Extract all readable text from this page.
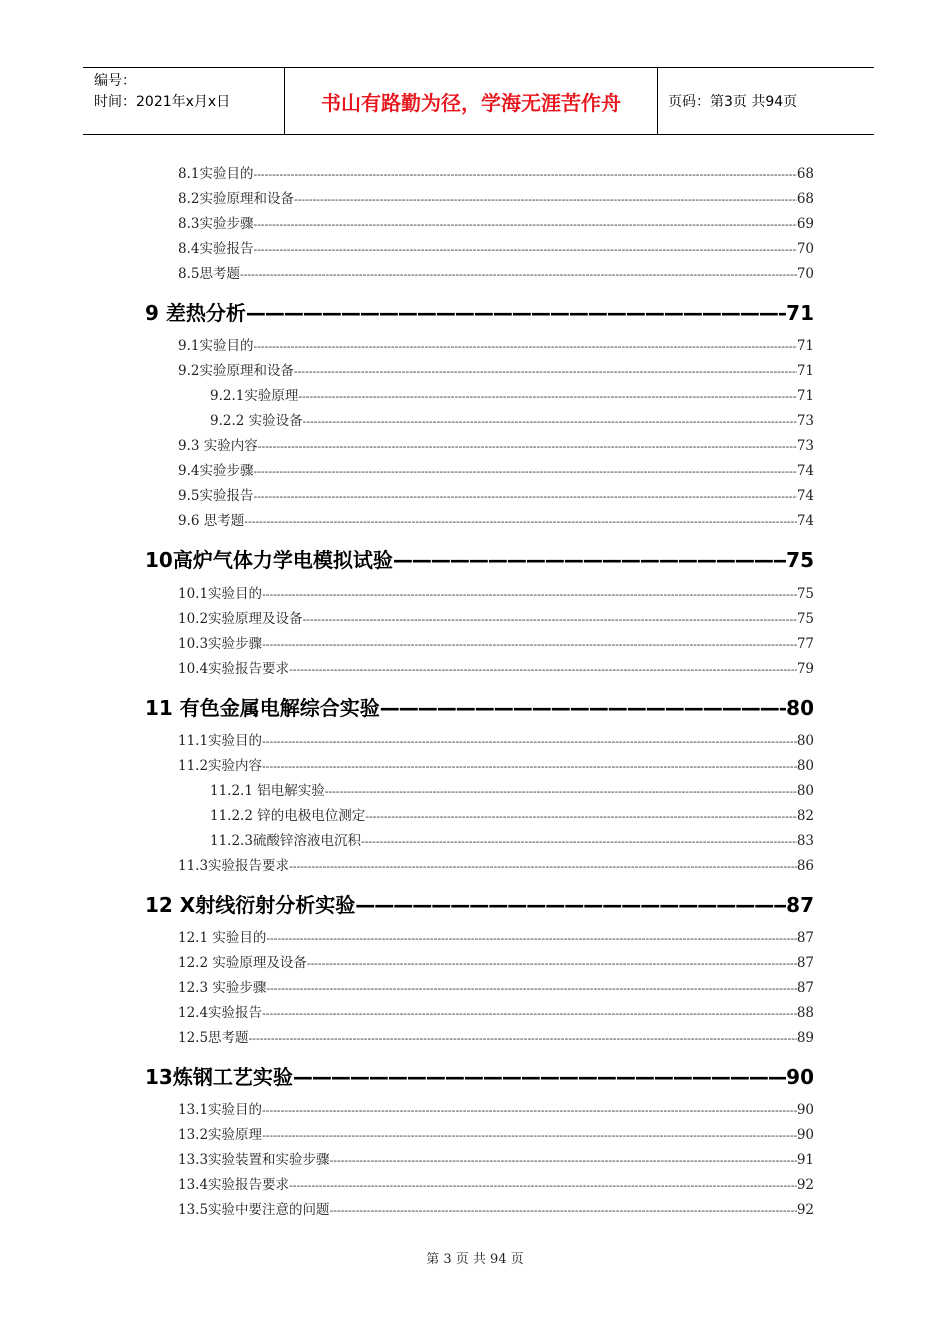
编号：
时间：2021年x月x日	书山有路勤为径，学海无涯苦作舟	页码：第3页 共94页
8.1实验目的 -----	68
8.2实验原理和设备 -----	68
8.3实验步骤 -----	69
8.4实验报告 -----	70
8.5思考题 -----	70
9 差热分析 —————	71
9.1实验目的 -----	71
9.2实验原理和设备 -----	71
9.2.1实验原理 -----	71
9.2.2 实验设备 -----	73
9.3 实验内容 -----	73
9.4实验步骤 -----	74
9.5实验报告 -----	74
9.6 思考题 -----	74
10高炉气体力学电模拟试验 —————	75
10.1实验目的 -----	75
10.2实验原理及设备 -----	75
10.3实验步骤 -----	77
10.4实验报告要求 -----	79
11 有色金属电解综合实验 —————	80
11.1实验目的 -----	80
11.2实验内容 -----	80
11.2.1 铝电解实验 -----	80
11.2.2 锌的电极电位测定 -----	82
11.2.3硫酸锌溶液电沉积 -----	83
11.3实验报告要求 -----	86
12 X射线衍射分析实验 —————	87
12.1 实验目的 -----	87
12.2 实验原理及设备 -----	87
12.3 实验步骤 -----	87
12.4实验报告 -----	88
12.5思考题 -----	89
13炼钢工艺实验 —————	90
13.1实验目的 -----	90
13.2实验原理 -----	90
13.3实验装置和实验步骤 -----	91
13.4实验报告要求 -----	92
13.5实验中要注意的问题 -----	92
第 3 页 共 94 页
